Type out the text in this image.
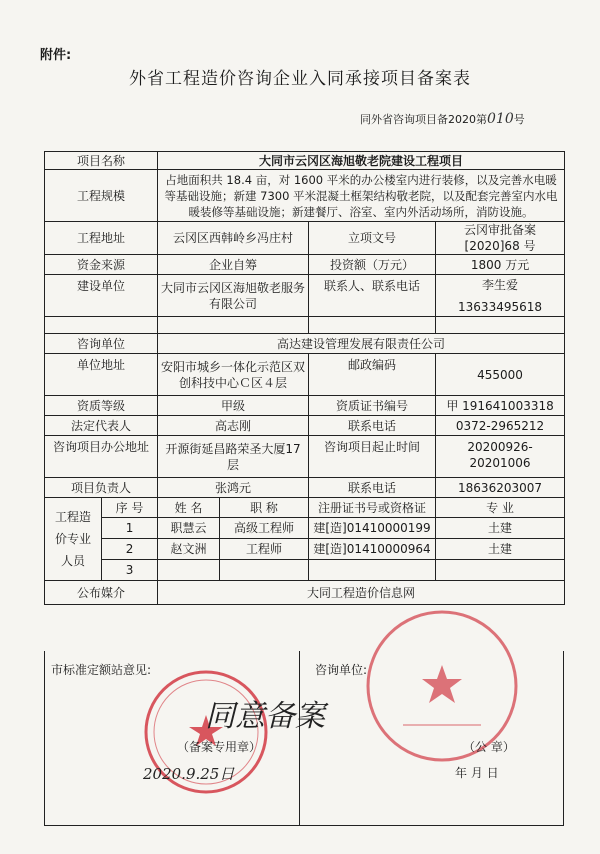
附件:
外省工程造价咨询企业入同承接项目备案表
同外省咨询项目备2020第010号
项目名称		大同市云冈区海旭敬老院建设工程项目			
工程规模		占地面积共 18.4 亩，对 1600 平米的办公楼室内进行装修，以及完善水电暖等基础设施；新建 7300 平米混凝土框架结构敬老院，以及配套完善室内水电暖装修等基础设施；新建餐厅、浴室、室内外活动场所，消防设施。			
工程地址		云冈区西韩岭乡冯庄村		立项文号	云冈审批备案[2020]68 号
资金来源		企业自筹		投资额（万元）	1800 万元
建设单位		大同市云冈区海旭敬老服务有限公司		联系人、联系电话	李生爱
13633495618

咨询单位		高达建设管理发展有限责任公司			
单位地址		安阳市城乡一体化示范区双创科技中心Ｃ区４层		邮政编码	455000
资质等级		甲级		资质证书编号	甲 191641003318
法定代表人		高志刚		联系电话	0372-2965212
咨询项目办公地址		开源街延昌路荣圣大厦17层		咨询项目起止时间	20200926-20201006
项目负责人		张鸿元		联系电话	18636203007
工程造价专业人员	序 号	姓 名	职 称	注册证书号或资格证	专 业
	1	职慧云	高级工程师	建[造]01410000199	土建
	2	赵文洲	工程师	建[造]01410000964	土建
	3				
公布媒介		大同工程造价信息网			
市标准定额站意见:	咨询单位:
同意备案
（备案专用章）
2020.9.25日
（公 章）
年 月 日
